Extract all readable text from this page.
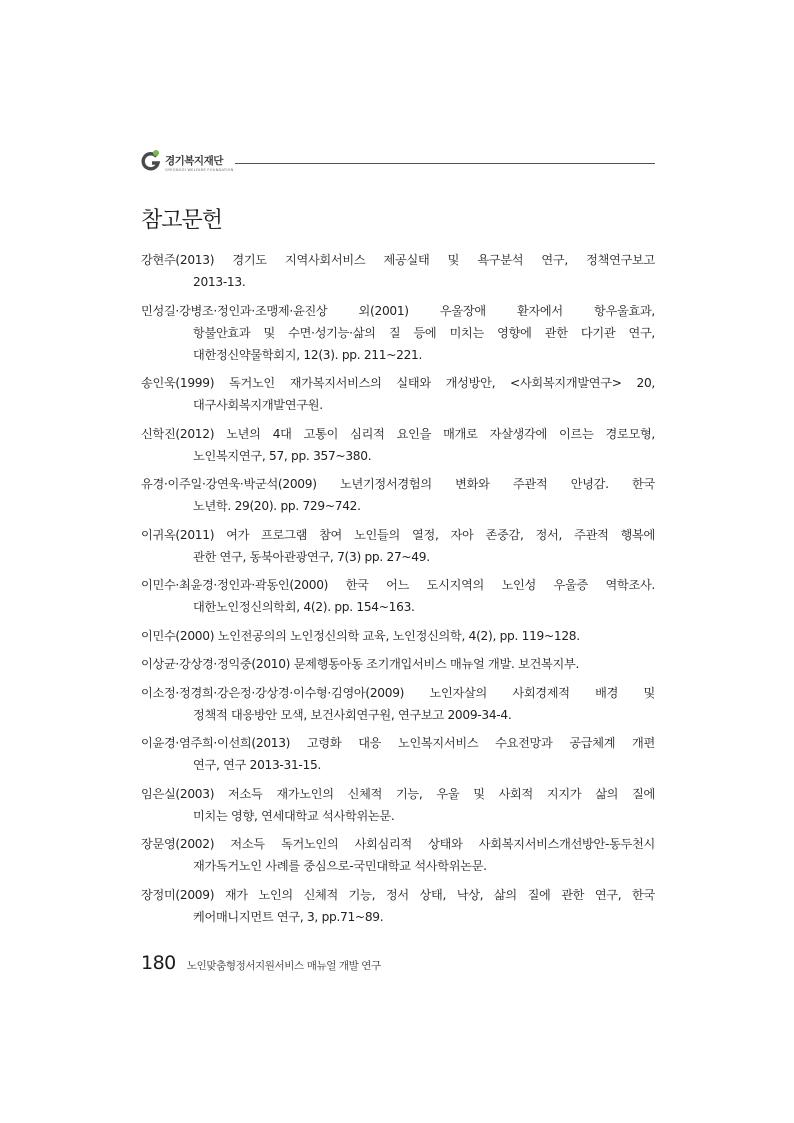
경기복지재단
GYEONGGI WELFARE FOUNDATION
참고문헌

강현주(2013) 경기도 지역사회서비스 제공실태 및 욕구분석 연구, 정책연구보고
2013-13.

민성길·강병조·정인과·조맹제·윤진상 외(2001) 우울장애 환자에서 항우울효과,
항불안효과 및 수면·성기능·삶의 질 등에 미치는 영향에 관한 다기관 연구,
대한정신약물학회지, 12(3). pp. 211~221.

송인욱(1999) 독거노인 재가복지서비스의 실태와 개성방안, <사회복지개발연구> 20,
대구사회복지개발연구원.

신학진(2012) 노년의 4대 고통이 심리적 요인을 매개로 자살생각에 이르는 경로모형,
노인복지연구, 57, pp. 357~380.

유경·이주일·강연욱·박군석(2009) 노년기정서경험의 변화와 주관적 안녕감. 한국
노년학. 29(20). pp. 729~742.

이귀옥(2011) 여가 프로그램 참여 노인들의 열정, 자아 존중감, 정서, 주관적 행복에
관한 연구, 동북아관광연구, 7(3) pp. 27~49.

이민수·최윤경·정인과·곽동인(2000) 한국 어느 도시지역의 노인성 우울증 역학조사.
대한노인정신의학회, 4(2). pp. 154~163.

이민수(2000) 노인전공의의 노인정신의학 교육, 노인정신의학, 4(2), pp. 119~128.

이상균·강상경·정익중(2010) 문제행동아동 조기개입서비스 매뉴얼 개발. 보건복지부.

이소정·정경희·강은정·강상경·이수형·김영아(2009) 노인자살의 사회경제적 배경 및
정책적 대응방안 모색, 보건사회연구원, 연구보고 2009-34-4.

이윤경·염주희·이선희(2013) 고령화 대응 노인복지서비스 수요전망과 공급체계 개편
연구, 연구 2013-31-15.

임은실(2003) 저소득 재가노인의 신체적 기능, 우울 및 사회적 지지가 삶의 질에
미치는 영향, 연세대학교 석사학위논문.

장문영(2002) 저소득 독거노인의 사회심리적 상태와 사회복지서비스개선방안-동두천시
재가독거노인 사례를 중심으로-국민대학교 석사학위논문.

장정미(2009) 재가 노인의 신체적 기능, 정서 상태, 낙상, 삶의 질에 관한 연구, 한국
케어매니지먼트 연구, 3, pp.71~89.

180 노인맞춤형정서지원서비스 매뉴얼 개발 연구
